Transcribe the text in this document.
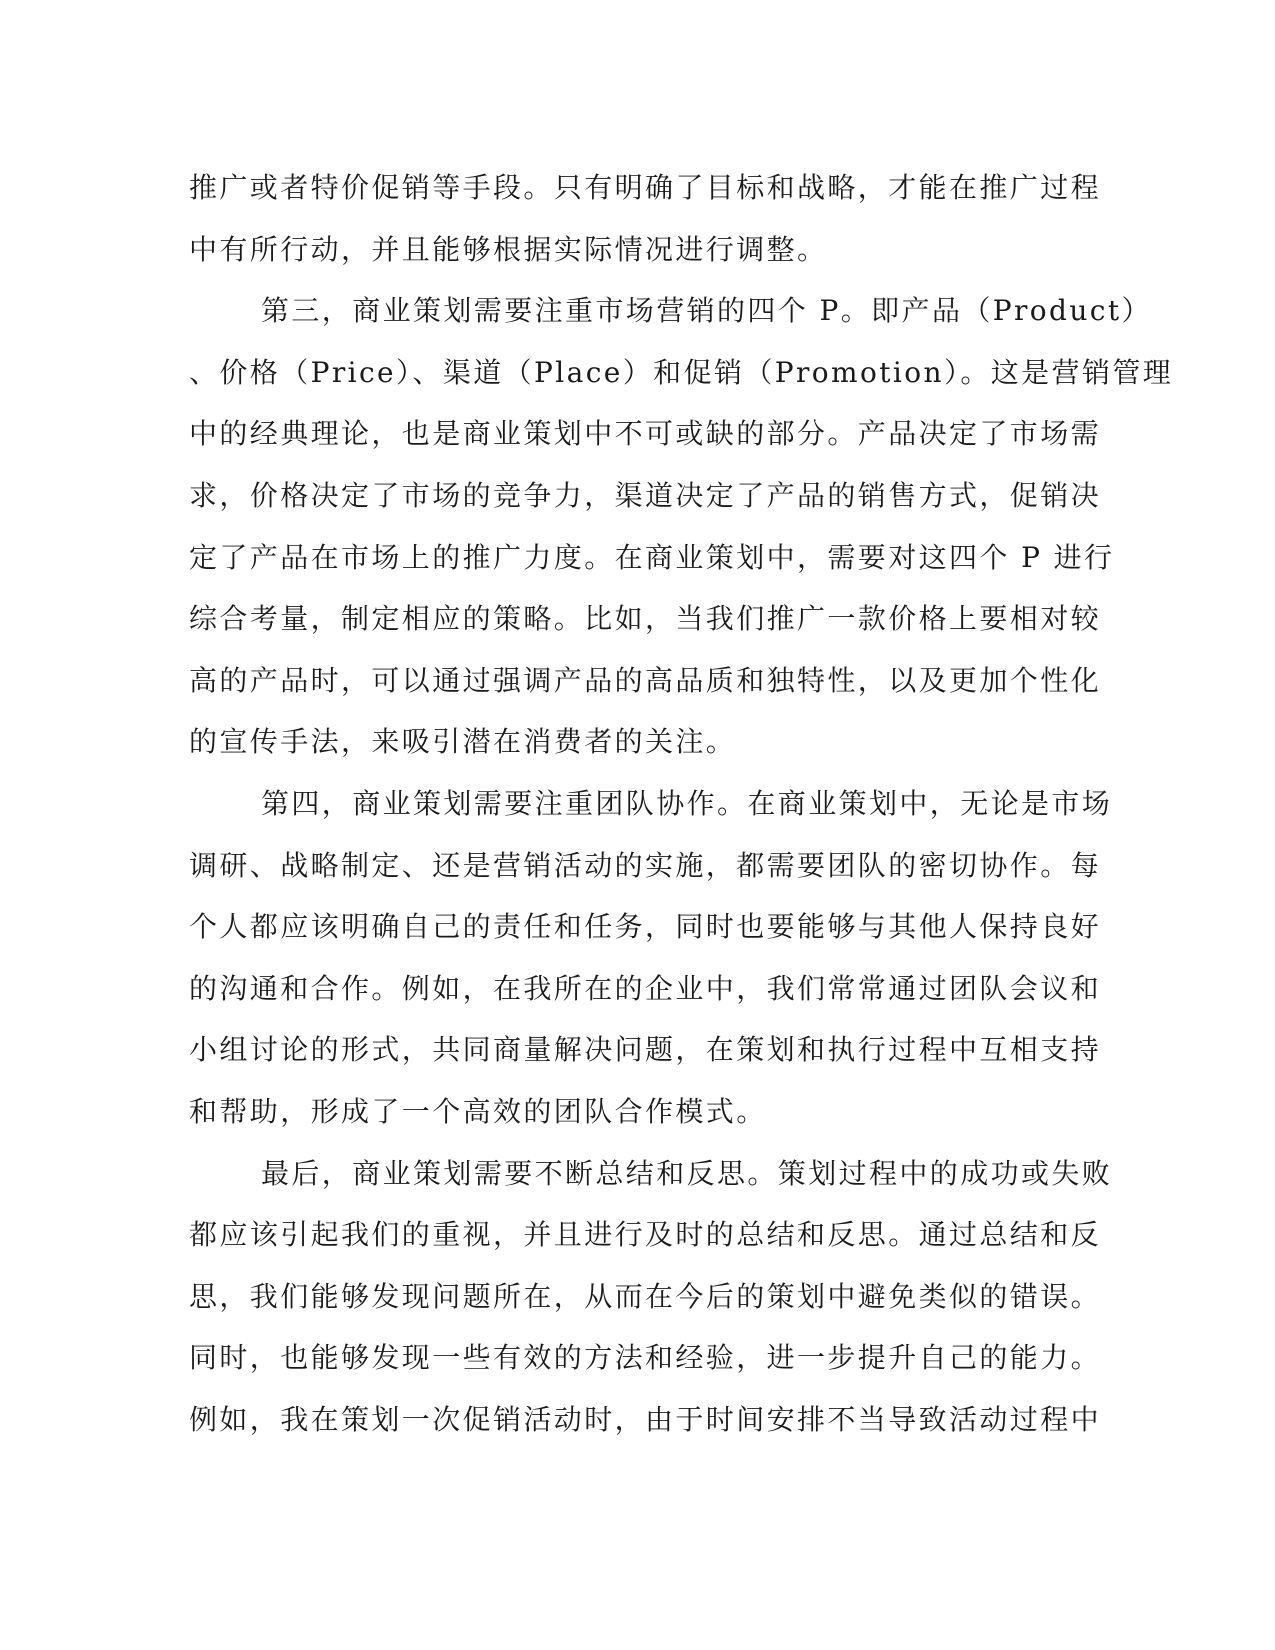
推广或者特价促销等手段。只有明确了目标和战略，才能在推广过程
中有所行动，并且能够根据实际情况进行调整。
第三，商业策划需要注重市场营销的四个 P。即产品（Product）
、价格（Price）、渠道（Place）和促销（Promotion）。这是营销管理
中的经典理论，也是商业策划中不可或缺的部分。产品决定了市场需
求，价格决定了市场的竞争力，渠道决定了产品的销售方式，促销决
定了产品在市场上的推广力度。在商业策划中，需要对这四个 P 进行
综合考量，制定相应的策略。比如，当我们推广一款价格上要相对较
高的产品时，可以通过强调产品的高品质和独特性，以及更加个性化
的宣传手法，来吸引潜在消费者的关注。
第四，商业策划需要注重团队协作。在商业策划中，无论是市场
调研、战略制定、还是营销活动的实施，都需要团队的密切协作。每
个人都应该明确自己的责任和任务，同时也要能够与其他人保持良好
的沟通和合作。例如，在我所在的企业中，我们常常通过团队会议和
小组讨论的形式，共同商量解决问题，在策划和执行过程中互相支持
和帮助，形成了一个高效的团队合作模式。
最后，商业策划需要不断总结和反思。策划过程中的成功或失败
都应该引起我们的重视，并且进行及时的总结和反思。通过总结和反
思，我们能够发现问题所在，从而在今后的策划中避免类似的错误。
同时，也能够发现一些有效的方法和经验，进一步提升自己的能力。
例如，我在策划一次促销活动时，由于时间安排不当导致活动过程中
